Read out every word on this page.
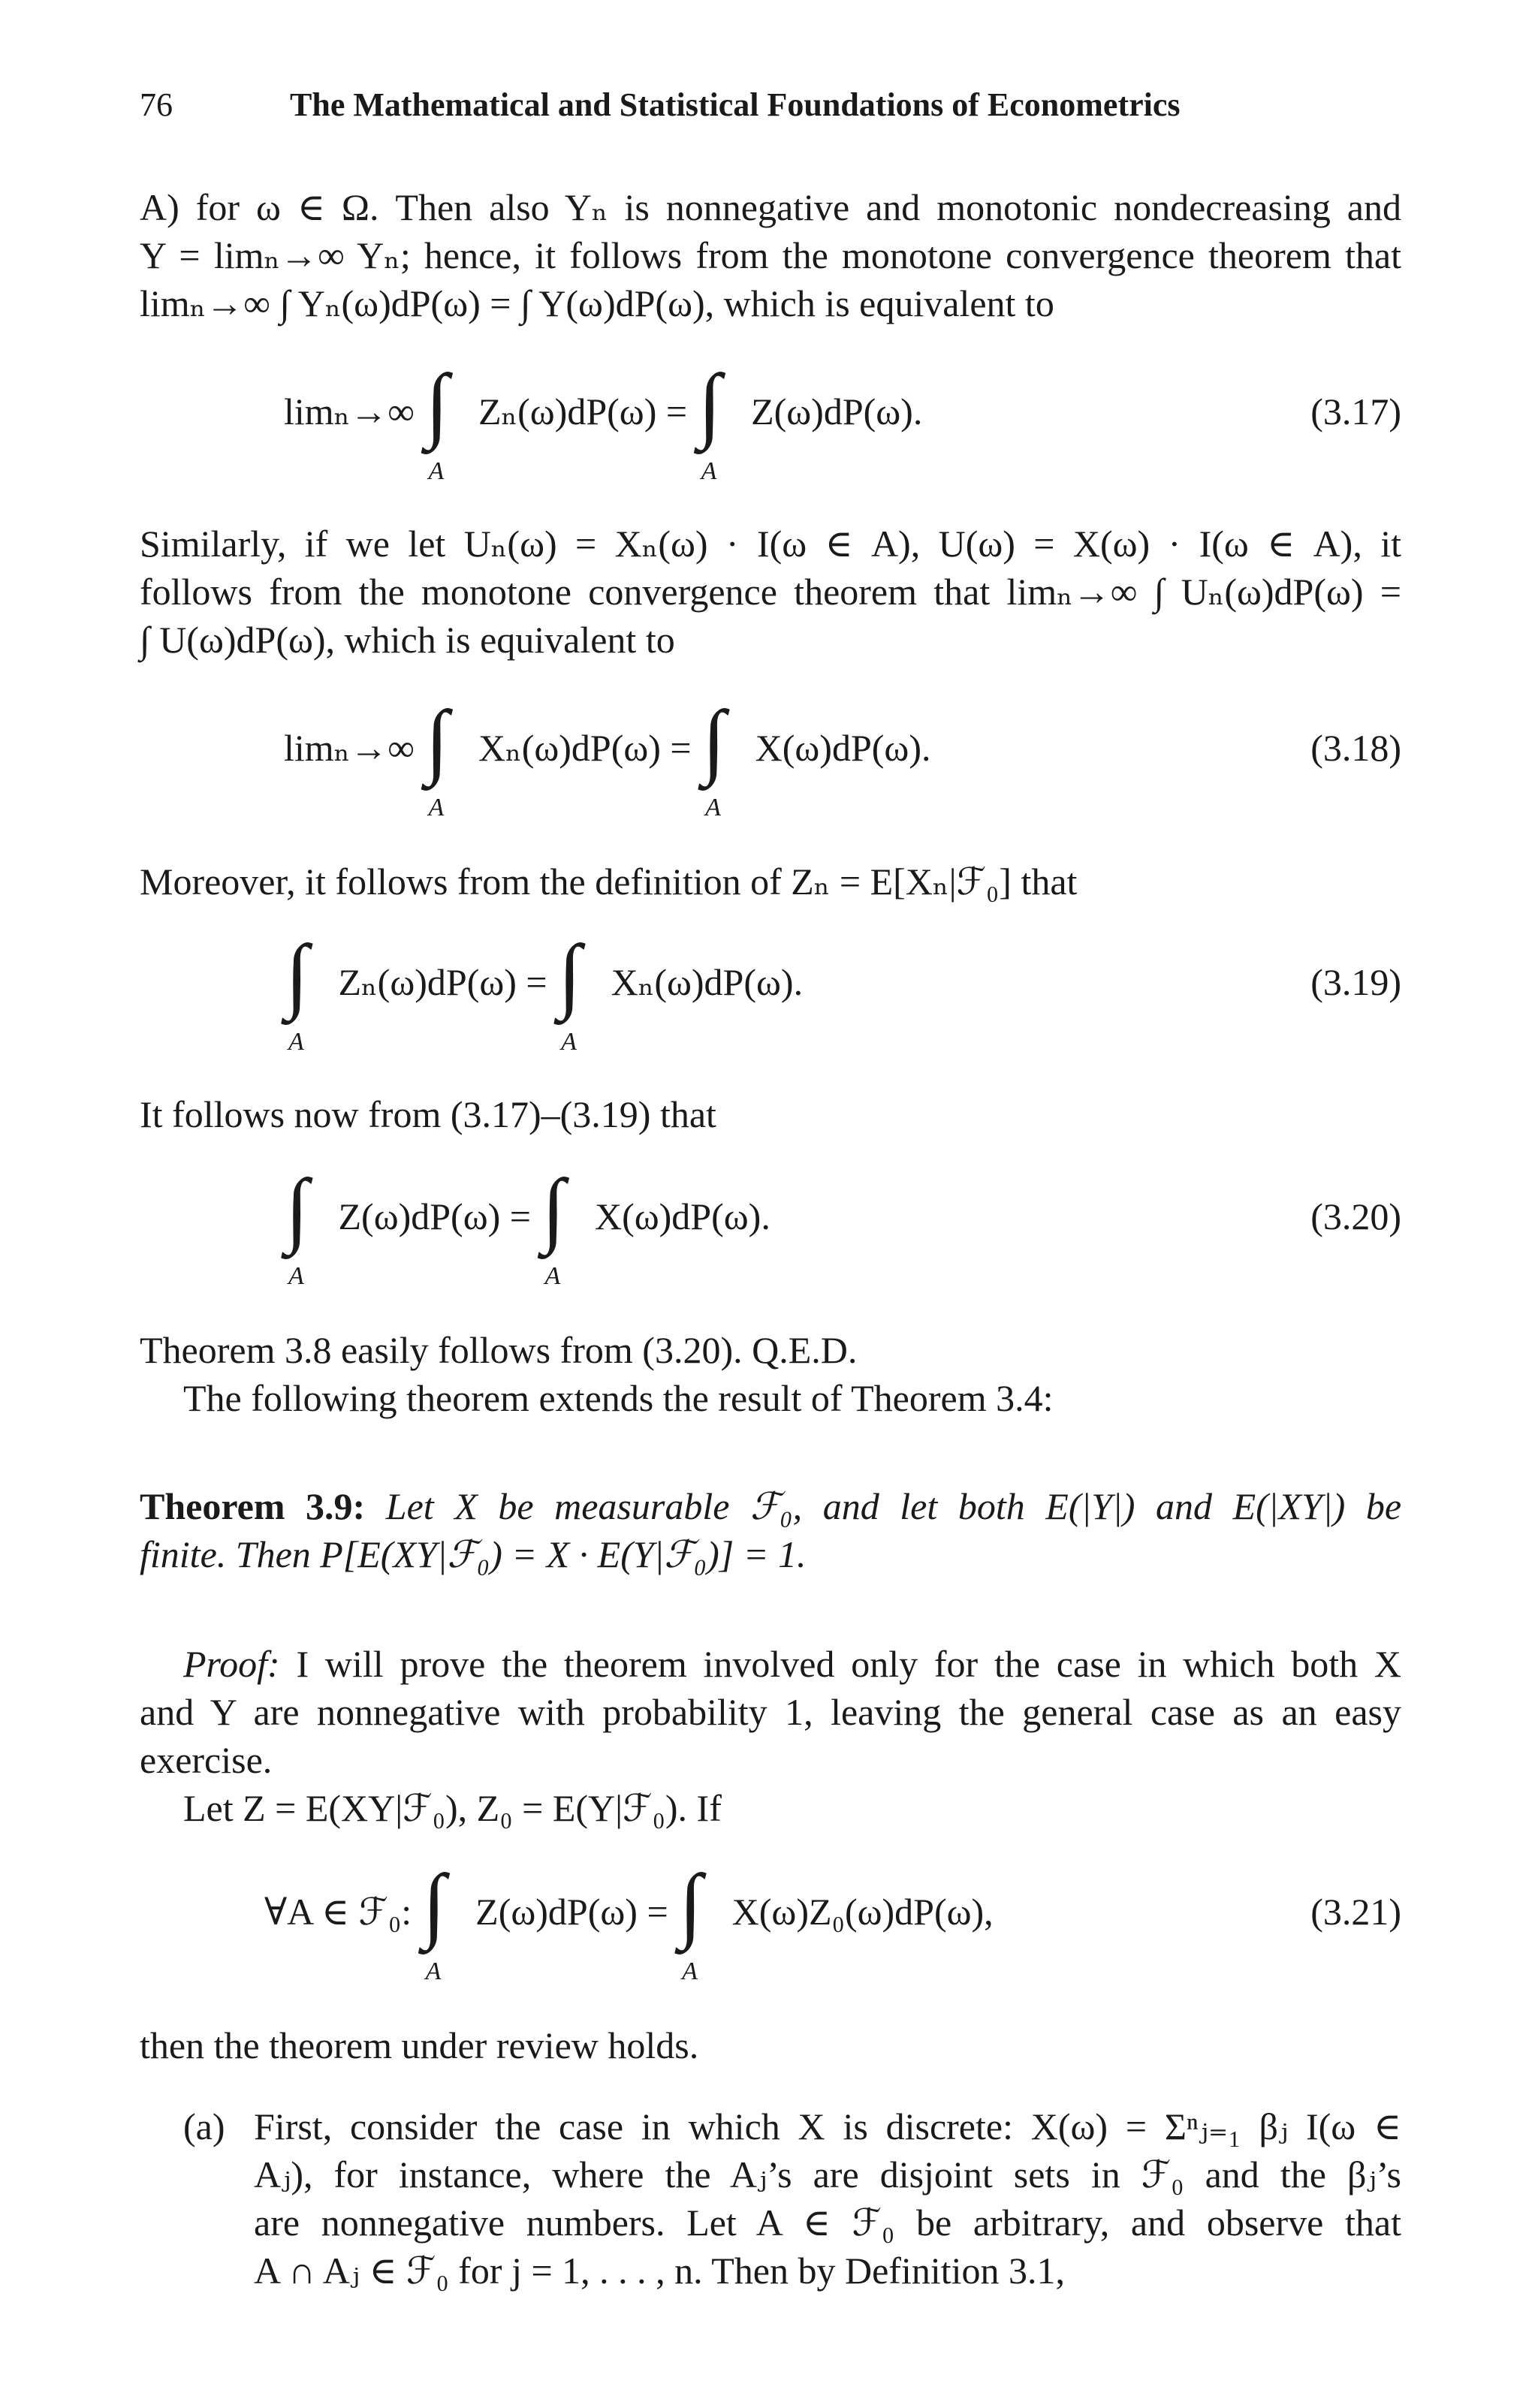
76	The Mathematical and Statistical Foundations of Econometrics
A) for ω ∈ Ω. Then also Yₙ is nonnegative and monotonic nondecreasing and
Y = limₙ→∞ Yₙ; hence, it follows from the monotone convergence theorem that
limₙ→∞ ∫ Yₙ(ω)dP(ω) = ∫ Y(ω)dP(ω), which is equivalent to
limₙ→∞ ∫
A
Zₙ(ω)dP(ω) = ∫
A
Z(ω)dP(ω).	(3.17)
Similarly, if we let Uₙ(ω) = Xₙ(ω) · I(ω ∈ A), U(ω) = X(ω) · I(ω ∈ A), it
follows from the monotone convergence theorem that limₙ→∞ ∫ Uₙ(ω)dP(ω) =
∫ U(ω)dP(ω), which is equivalent to
limₙ→∞ ∫
A
Xₙ(ω)dP(ω) = ∫
A
X(ω)dP(ω).	(3.18)
Moreover, it follows from the definition of Zₙ = E[Xₙ|ℱ₀] that
∫
A
Zₙ(ω)dP(ω) = ∫
A
Xₙ(ω)dP(ω).	(3.19)
It follows now from (3.17)–(3.19) that
∫
A
Z(ω)dP(ω) = ∫
A
X(ω)dP(ω).	(3.20)
Theorem 3.8 easily follows from (3.20). Q.E.D.
The following theorem extends the result of Theorem 3.4:
Theorem 3.9: Let X be measurable ℱ₀, and let both E(|Y|) and E(|XY|) be
finite. Then P[E(XY|ℱ₀) = X · E(Y|ℱ₀)] = 1.
Proof: I will prove the theorem involved only for the case in which both X
and Y are nonnegative with probability 1, leaving the general case as an easy
exercise.
Let Z = E(XY|ℱ₀), Z₀ = E(Y|ℱ₀). If
∀A ∈ ℱ₀: ∫
A
Z(ω)dP(ω) = ∫
A
X(ω)Z₀(ω)dP(ω),	(3.21)
then the theorem under review holds.
(a) First, consider the case in which X is discrete: X(ω) = Σⁿⱼ₌₁ βⱼ I(ω ∈
Aⱼ), for instance, where the Aⱼ’s are disjoint sets in ℱ₀ and the βⱼ’s
are nonnegative numbers. Let A ∈ ℱ₀ be arbitrary, and observe that
A ∩ Aⱼ ∈ ℱ₀ for j = 1, . . . , n. Then by Definition 3.1,
